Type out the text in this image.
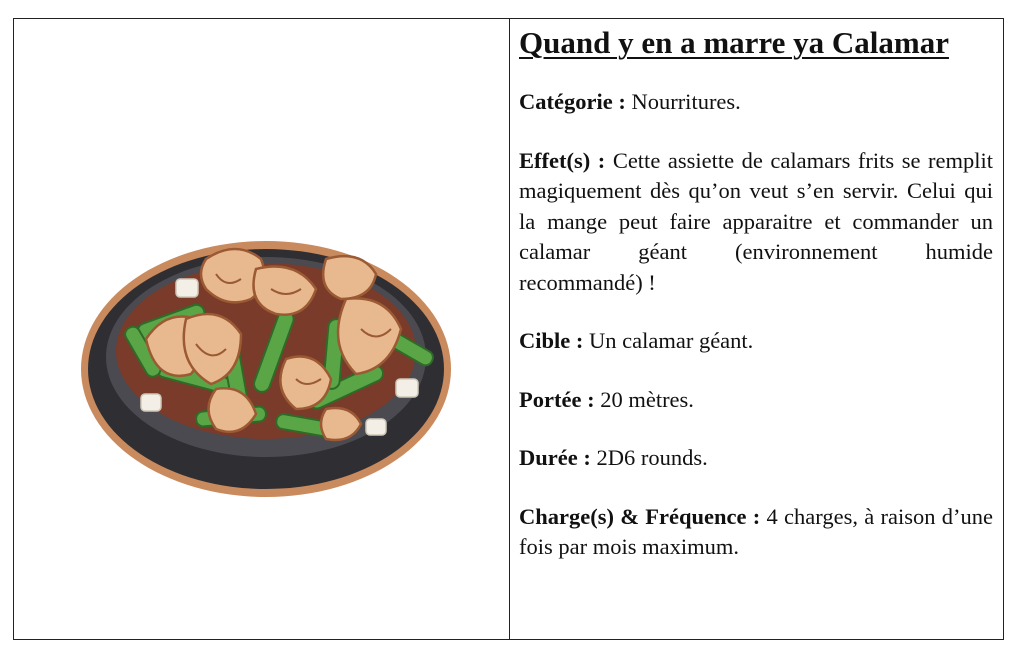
Quand y en a marre ya Calamar
Catégorie : Nourritures.
Effet(s) : Cette assiette de calamars frits se remplit magiquement dès qu’on veut s’en servir. Celui qui la mange peut faire apparaitre et commander un calamar géant (environnement humide recommandé) !
Cible : Un calamar géant.
Portée : 20 mètres.
Durée : 2D6 rounds.
Charge(s) & Fréquence : 4 charges, à raison d’une fois par mois maximum.
